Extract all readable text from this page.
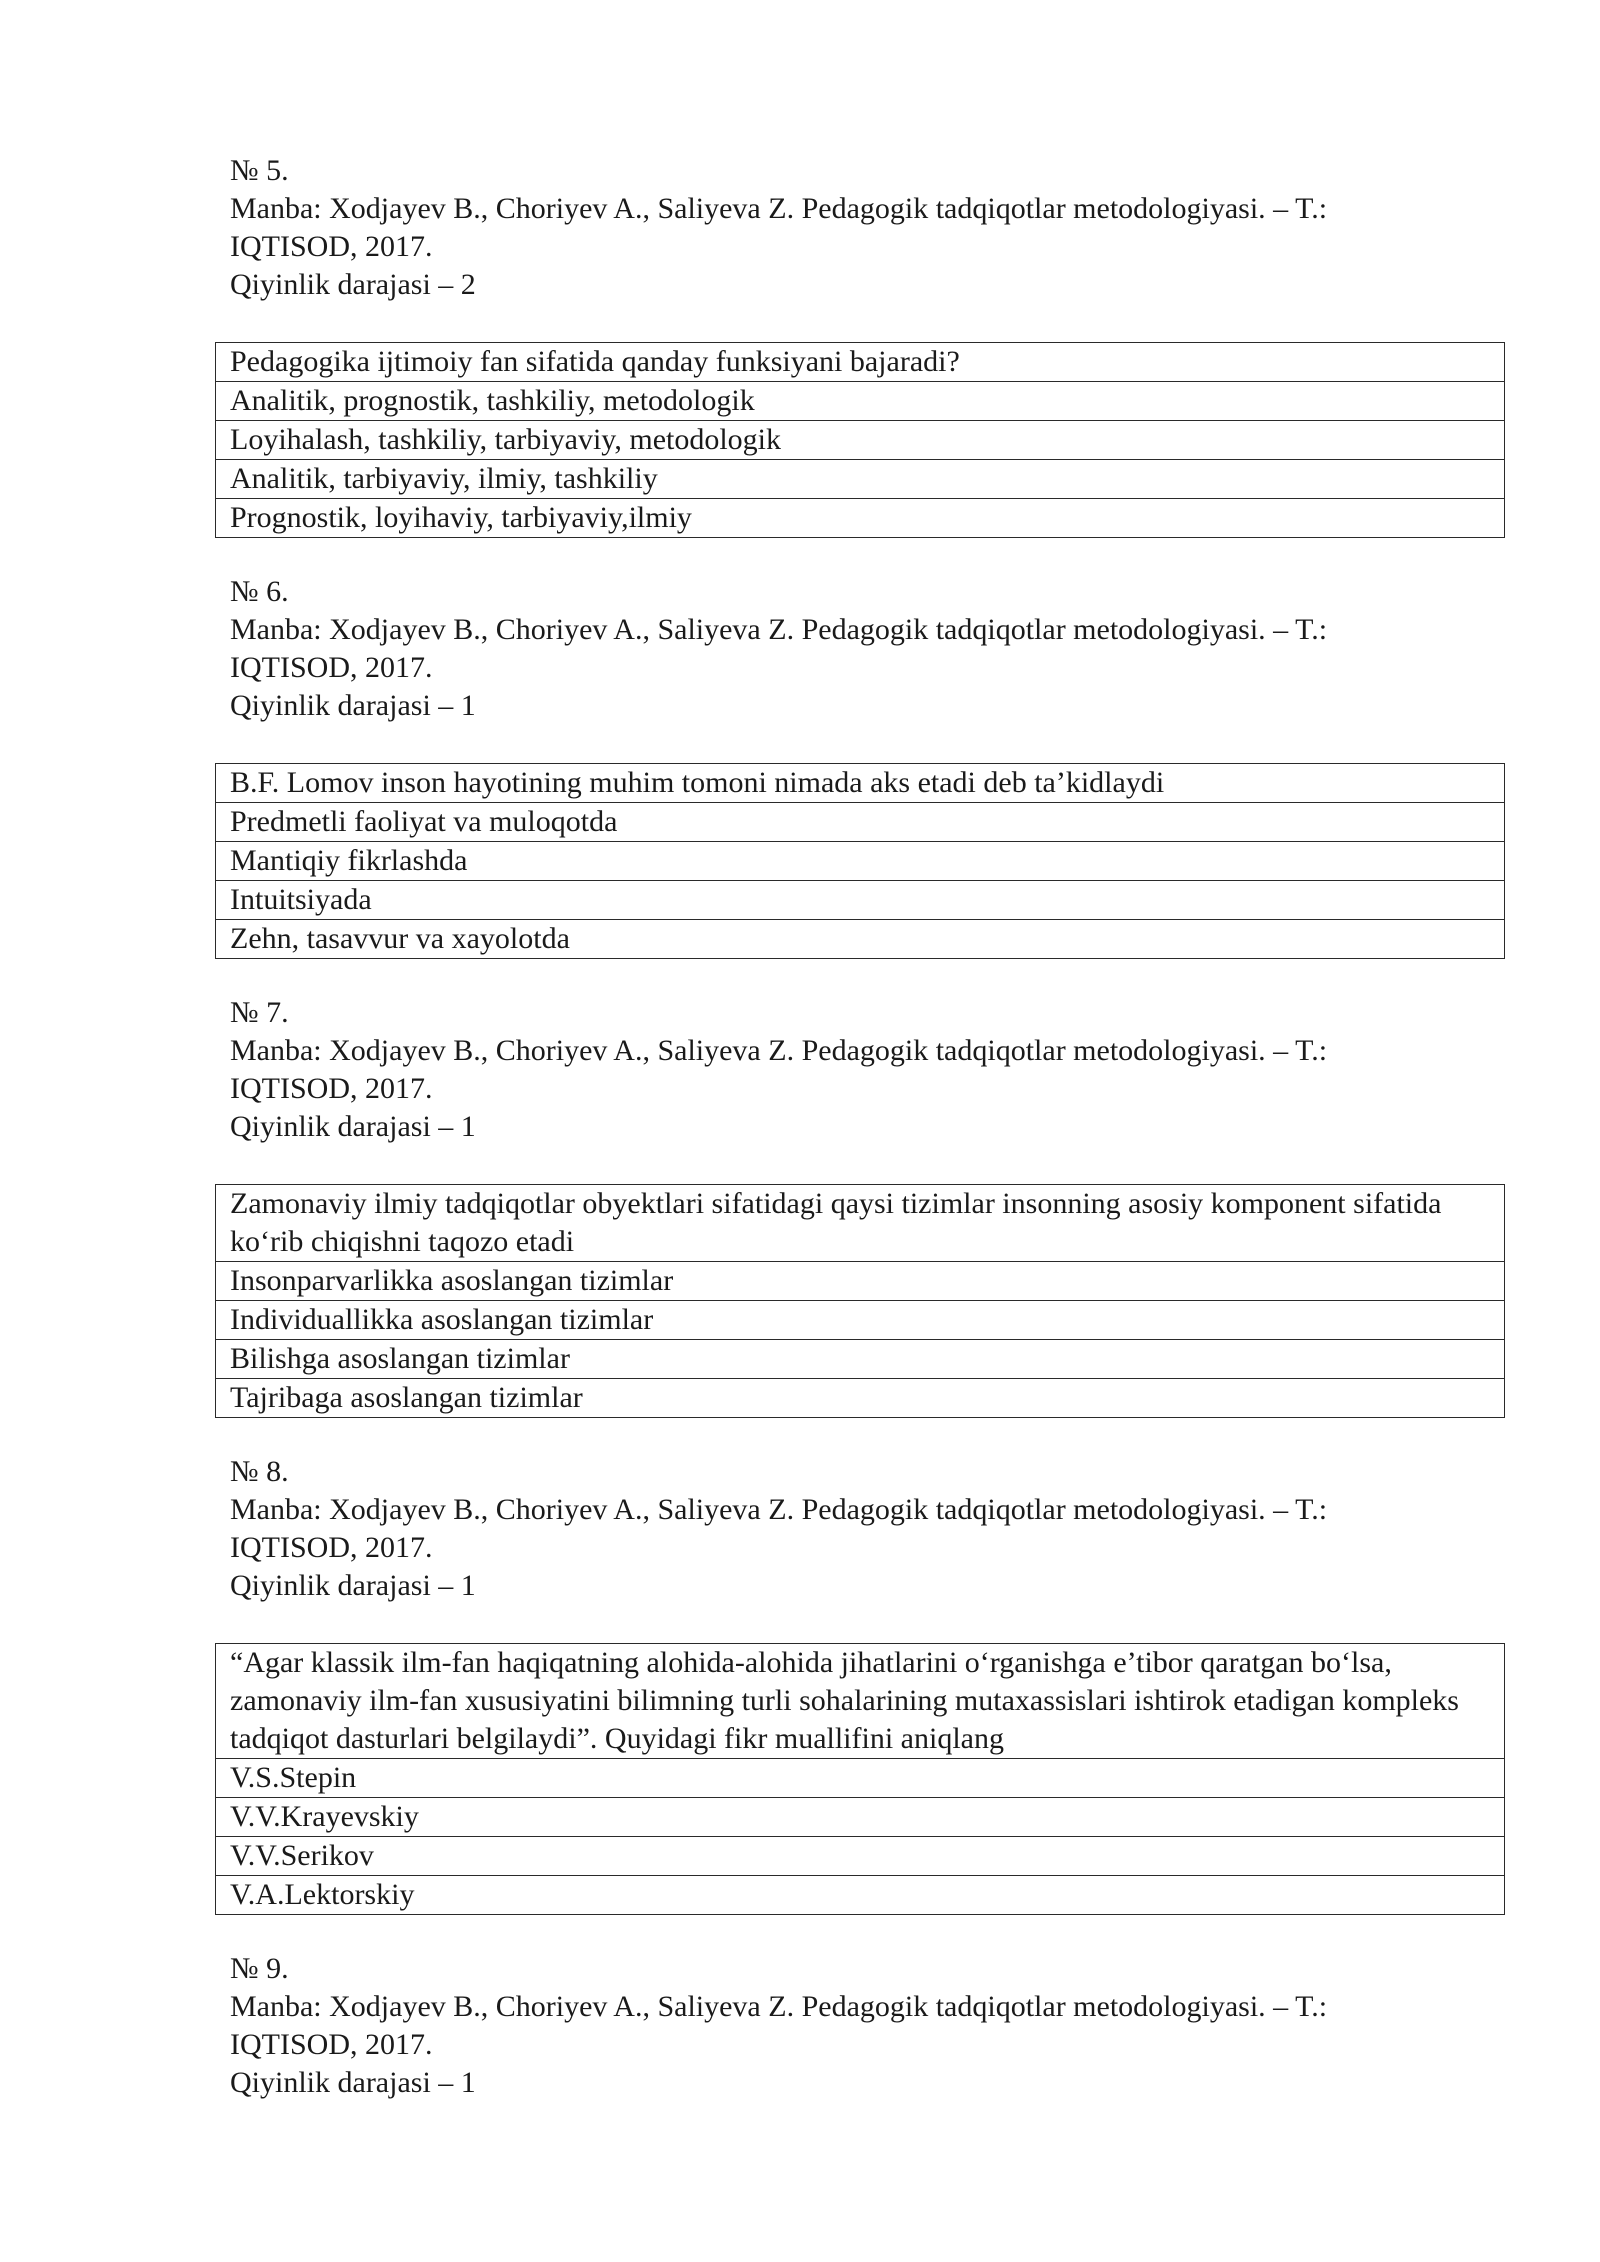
№ 5.
Manba: Xodjayev B., Choriyev A., Saliyeva Z. Pedagogik tadqiqotlar metodologiyasi. – T.: IQTISOD, 2017.
Qiyinlik darajasi – 2
Pedagogika ijtimoiy fan sifatida qanday funksiyani bajaradi?
Analitik, prognostik, tashkiliy, metodologik
Loyihalash, tashkiliy, tarbiyaviy, metodologik
Analitik, tarbiyaviy, ilmiy, tashkiliy
Prognostik, loyihaviy, tarbiyaviy,ilmiy
№ 6.
Manba: Xodjayev B., Choriyev A., Saliyeva Z. Pedagogik tadqiqotlar metodologiyasi. – T.: IQTISOD, 2017.
Qiyinlik darajasi – 1
B.F. Lomov inson hayotining muhim tomoni nimada aks etadi deb ta’kidlaydi
Predmetli faoliyat va muloqotda
Mantiqiy fikrlashda
Intuitsiyada
Zehn, tasavvur va xayolotda
№ 7.
Manba: Xodjayev B., Choriyev A., Saliyeva Z. Pedagogik tadqiqotlar metodologiyasi. – T.: IQTISOD, 2017.
Qiyinlik darajasi – 1
Zamonaviy ilmiy tadqiqotlar obyektlari sifatidagi qaysi tizimlar insonning asosiy komponent sifatida ko‘rib chiqishni taqozo etadi
Insonparvarlikka asoslangan tizimlar
Individuallikka asoslangan tizimlar
Bilishga asoslangan tizimlar
Tajribaga asoslangan tizimlar
№ 8.
Manba: Xodjayev B., Choriyev A., Saliyeva Z. Pedagogik tadqiqotlar metodologiyasi. – T.: IQTISOD, 2017.
Qiyinlik darajasi – 1
“Agar klassik ilm-fan haqiqatning alohida-alohida jihatlarini o‘rganishga e’tibor qaratgan bo‘lsa, zamonaviy ilm-fan xususiyatini bilimning turli sohalarining mutaxassislari ishtirok etadigan kompleks tadqiqot dasturlari belgilaydi”. Quyidagi fikr muallifini aniqlang
V.S.Stepin
V.V.Krayevskiy
V.V.Serikov
V.A.Lektorskiy
№ 9.
Manba: Xodjayev B., Choriyev A., Saliyeva Z. Pedagogik tadqiqotlar metodologiyasi. – T.: IQTISOD, 2017.
Qiyinlik darajasi – 1
